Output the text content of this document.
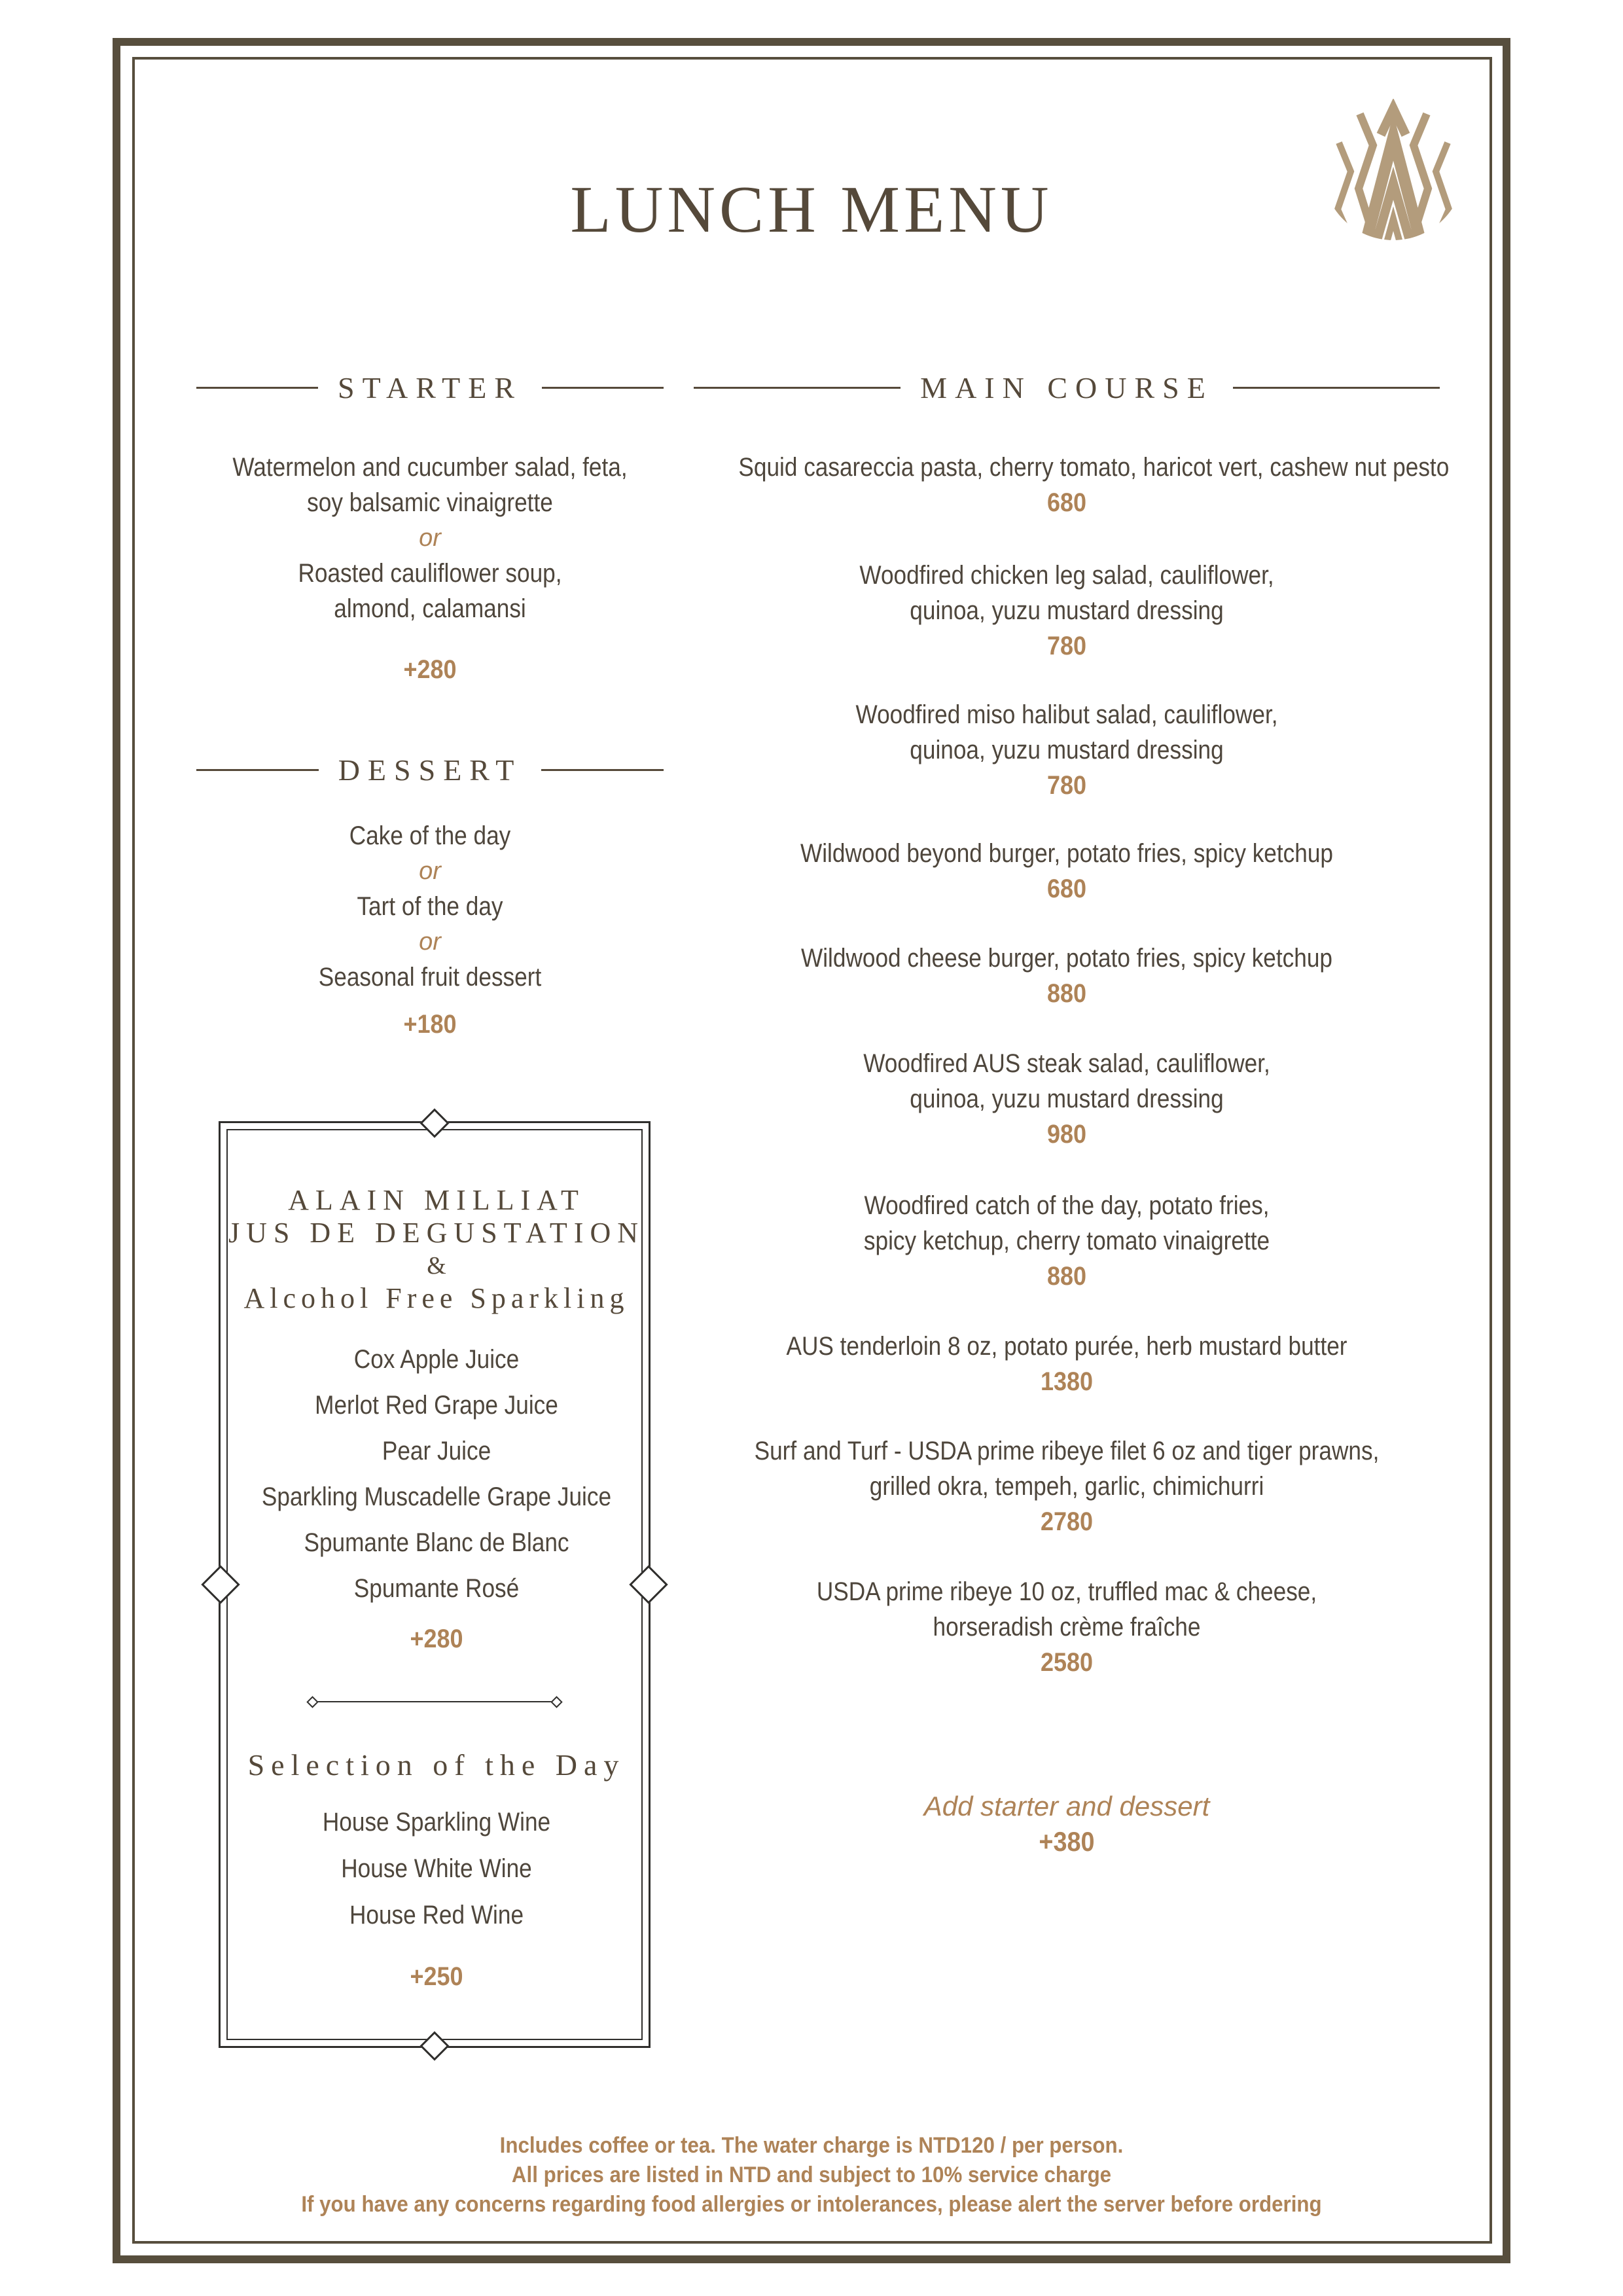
LUNCH MENU
STARTER
Watermelon and cucumber salad, feta,
soy balsamic vinaigrette
or
Roasted cauliflower soup,
almond, calamansi
+280
DESSERT
Cake of the day
or
Tart of the day
or
Seasonal fruit dessert
+180
ALAIN MILLIAT
JUS DE DEGUSTATION
&
Alcohol Free Sparkling
Cox Apple Juice
Merlot Red Grape Juice
Pear Juice
Sparkling Muscadelle Grape Juice
Spumante Blanc de Blanc
Spumante Rosé
+280
Selection of the Day
House Sparkling Wine
House White Wine
House Red Wine
+250
MAIN COURSE
Squid casareccia pasta, cherry tomato, haricot vert, cashew nut pesto
680
Woodfired chicken leg salad, cauliflower,
quinoa, yuzu mustard dressing
780
Woodfired miso halibut salad, cauliflower,
quinoa, yuzu mustard dressing
780
Wildwood beyond burger, potato fries, spicy ketchup
680
Wildwood cheese burger, potato fries, spicy ketchup
880
Woodfired AUS steak salad, cauliflower,
quinoa, yuzu mustard dressing
980
Woodfired catch of the day, potato fries,
spicy ketchup, cherry tomato vinaigrette
880
AUS tenderloin 8 oz, potato purée, herb mustard butter
1380
Surf and Turf - USDA prime ribeye filet 6 oz and tiger prawns,
grilled okra, tempeh, garlic, chimichurri
2780
USDA prime ribeye 10 oz, truffled mac & cheese,
horseradish crème fraîche
2580
Add starter and dessert
+380
Includes coffee or tea. The water charge is NTD120 / per person.
All prices are listed in NTD and subject to 10% service charge
If you have any concerns regarding food allergies or intolerances, please alert the server before ordering
